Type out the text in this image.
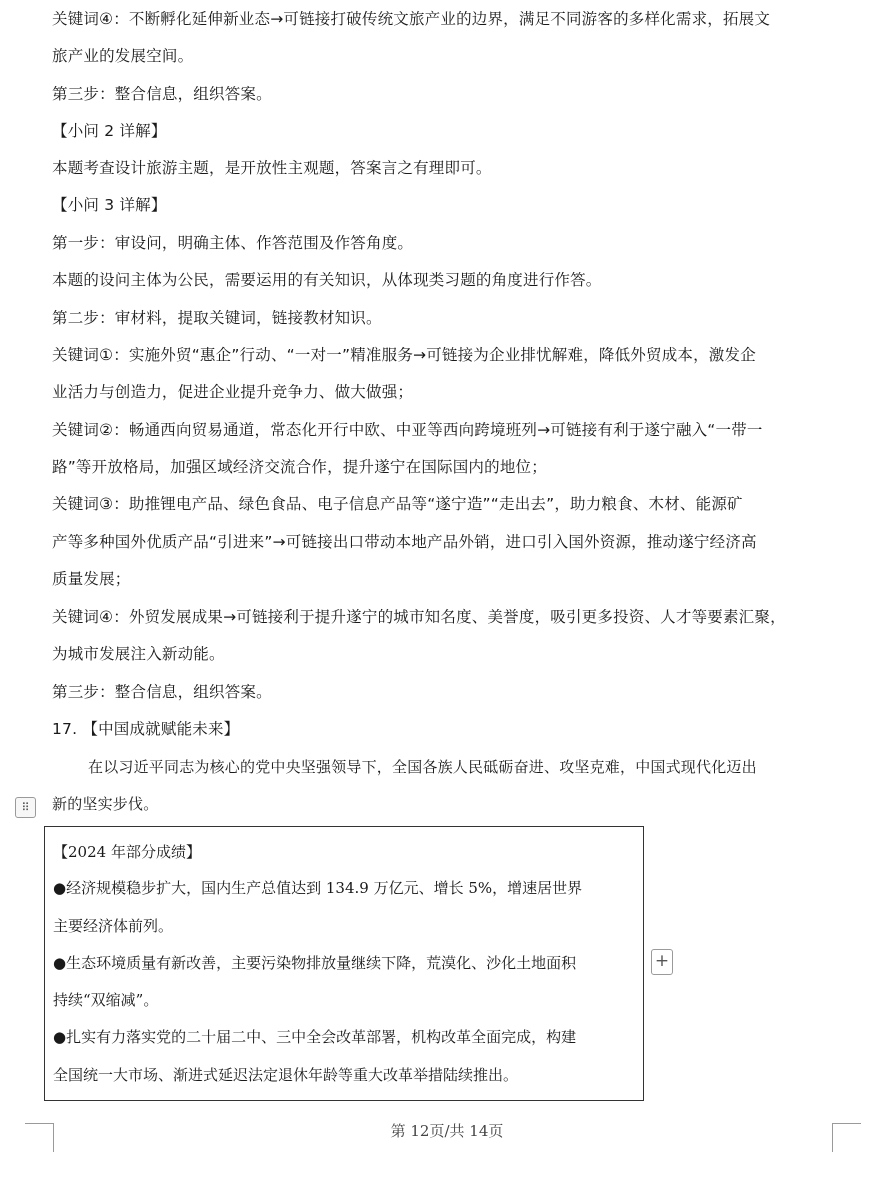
关键词④：不断孵化延伸新业态→可链接打破传统文旅产业的边界，满足不同游客的多样化需求，拓展文
旅产业的发展空间。
第三步：整合信息，组织答案。
【小问 2 详解】
本题考查设计旅游主题，是开放性主观题，答案言之有理即可。
【小问 3 详解】
第一步：审设问，明确主体、作答范围及作答角度。
本题的设问主体为公民，需要运用的有关知识，从体现类习题的角度进行作答。
第二步：审材料，提取关键词，链接教材知识。
关键词①：实施外贸“惠企”行动、“一对一”精准服务→可链接为企业排忧解难，降低外贸成本，激发企
业活力与创造力，促进企业提升竞争力、做大做强；
关键词②：畅通西向贸易通道，常态化开行中欧、中亚等西向跨境班列→可链接有利于遂宁融入“一带一
路”等开放格局，加强区域经济交流合作，提升遂宁在国际国内的地位；
关键词③：助推锂电产品、绿色食品、电子信息产品等“遂宁造”“走出去”，助力粮食、木材、能源矿
产等多种国外优质产品“引进来”→可链接出口带动本地产品外销，进口引入国外资源，推动遂宁经济高
质量发展；
关键词④：外贸发展成果→可链接利于提升遂宁的城市知名度、美誉度，吸引更多投资、人才等要素汇聚，
为城市发展注入新动能。
第三步：整合信息，组织答案。
17. 【中国成就赋能未来】
在以习近平同志为核心的党中央坚强领导下，全国各族人民砥砺奋进、攻坚克难，中国式现代化迈出
新的坚实步伐。
⠿
【2024 年部分成绩】
●经济规模稳步扩大，国内生产总值达到 134.9 万亿元、增长 5%，增速居世界
主要经济体前列。
●生态环境质量有新改善，主要污染物排放量继续下降，荒漠化、沙化土地面积
持续“双缩减”。
●扎实有力落实党的二十届二中、三中全会改革部署，机构改革全面完成，构建
全国统一大市场、渐进式延迟法定退休年龄等重大改革举措陆续推出。
+
第 12页/共 14页
